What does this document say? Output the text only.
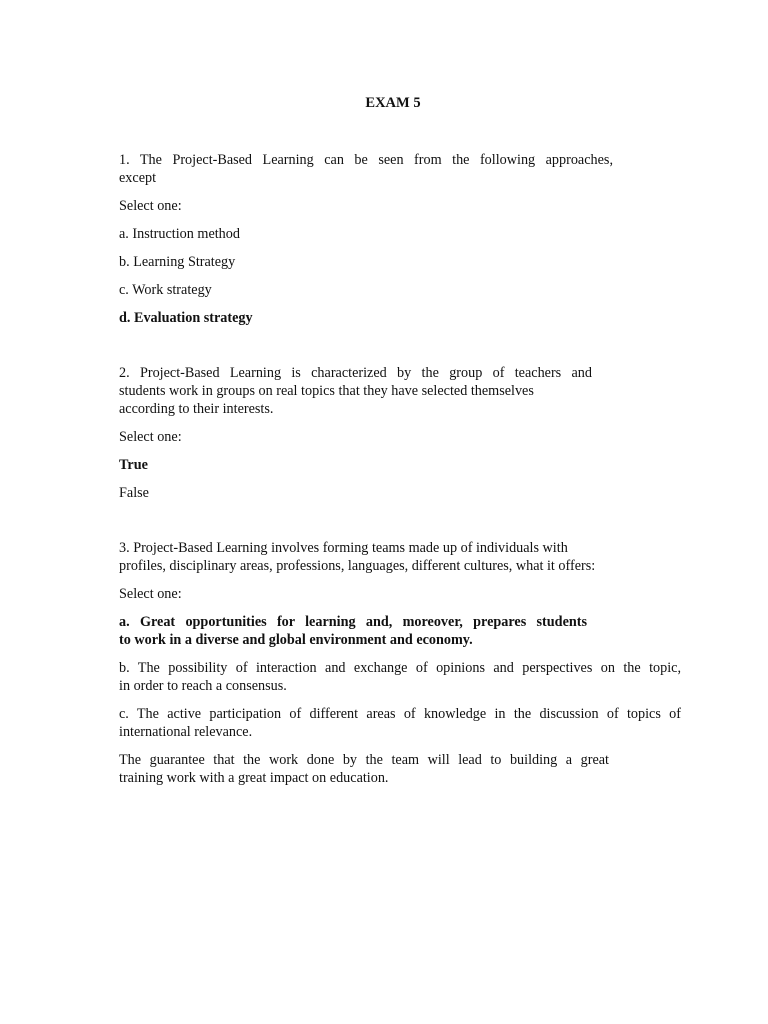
EXAM 5

1. The Project-Based Learning can be seen from the following approaches,
except

Select one:

a. Instruction method

b. Learning Strategy

c. Work strategy

d. Evaluation strategy

2. Project-Based Learning is characterized by the group of teachers and
students work in groups on real topics that they have selected themselves
according to their interests.

Select one:

True

False

3. Project-Based Learning involves forming teams made up of individuals with
profiles, disciplinary areas, professions, languages, different cultures, what it offers:

Select one:

a. Great opportunities for learning and, moreover, prepares students
to work in a diverse and global environment and economy.

b. The possibility of interaction and exchange of opinions and perspectives on the topic,
in order to reach a consensus.

c. The active participation of different areas of knowledge in the discussion of topics of
international relevance.

The guarantee that the work done by the team will lead to building a great
training work with a great impact on education.
